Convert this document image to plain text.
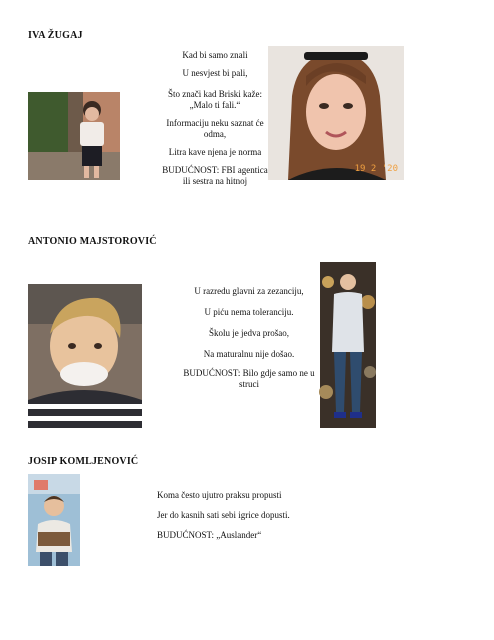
IVA ŽUGAJ

Kad bi samo znali

U nesvjest bi pali,

Što znači kad Briski kaže: „Malo ti fali.“

Informaciju neku saznat će odma,

Litra kave njena je norma

BUDUĆNOST: FBI agentica ili sestra na hitnoj

19 2 '20
ANTONIO MAJSTOROVIĆ

U razredu glavni za zezanciju,

U piću nema toleranciju.

Školu je jedva prošao,

Na maturalnu nije došao.

BUDUĆNOST: Bilo gdje samo ne u struci

JOSIP KOMLJENOVIĆ

Koma često ujutro praksu propusti

Jer do kasnih sati sebi igrice dopusti.

BUDUĆNOST: „Auslander“
